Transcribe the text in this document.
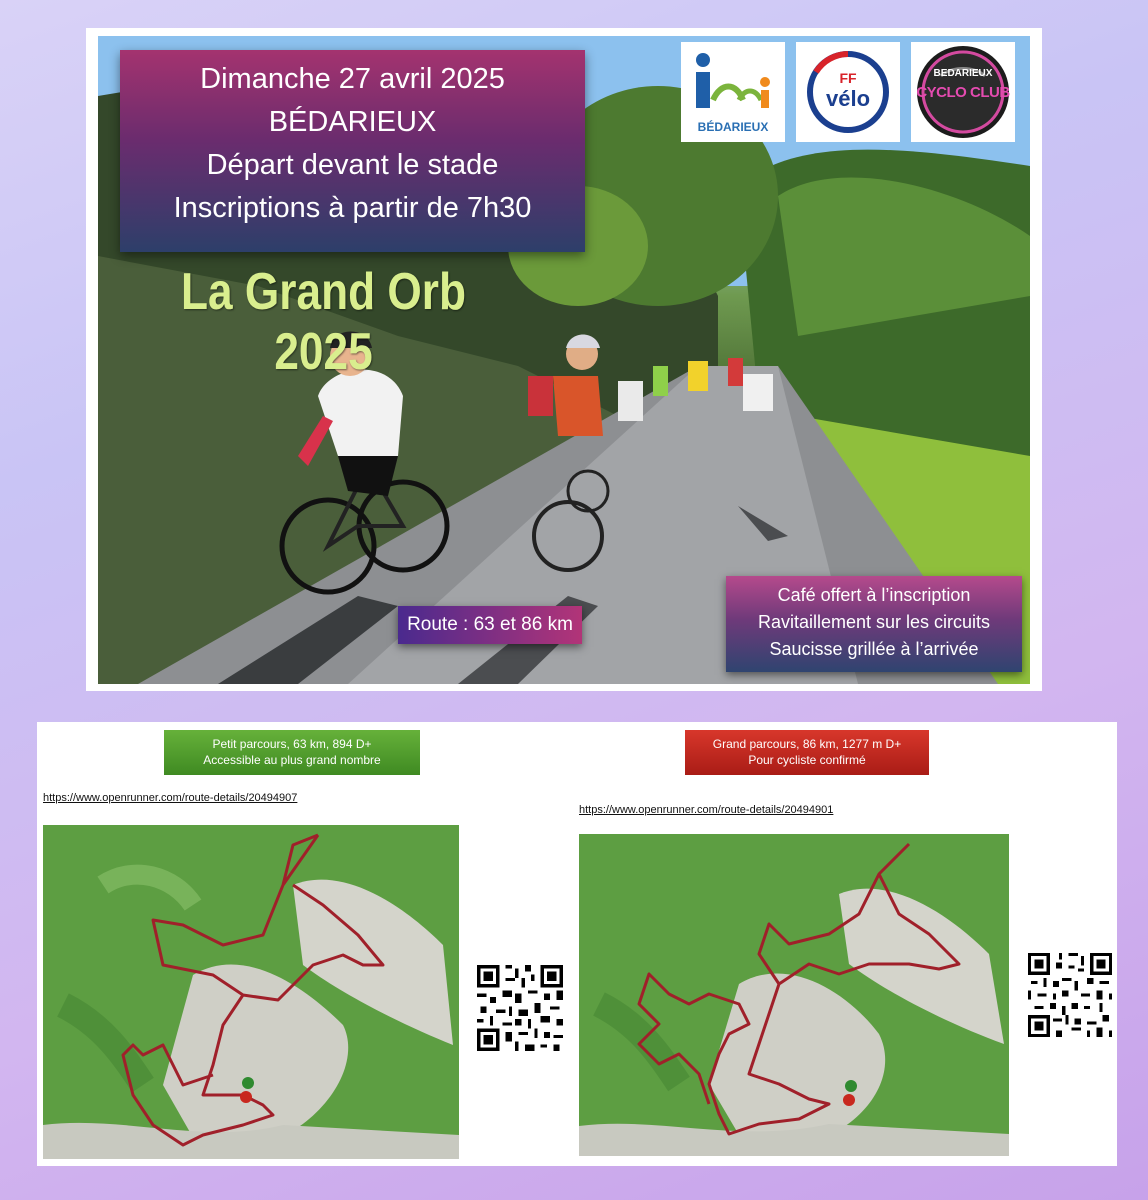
Dimanche 27 avril 2025
BÉDARIEUX
Départ devant le stade
Inscriptions à partir de 7h30
La Grand Orb 2025
BÉDARIEUX
FF
vélo
BEDARIEUX
CYCLO CLUB
Route : 63 et 86 km
Café offert à l’inscription
Ravitaillement sur les circuits
Saucisse grillée à l’arrivée
Petit parcours, 63 km, 894 D+
Accessible au plus grand nombre
https://www.openrunner.com/route-details/20494907
Grand parcours, 86 km, 1277 m D+
Pour cycliste confirmé
https://www.openrunner.com/route-details/20494901
